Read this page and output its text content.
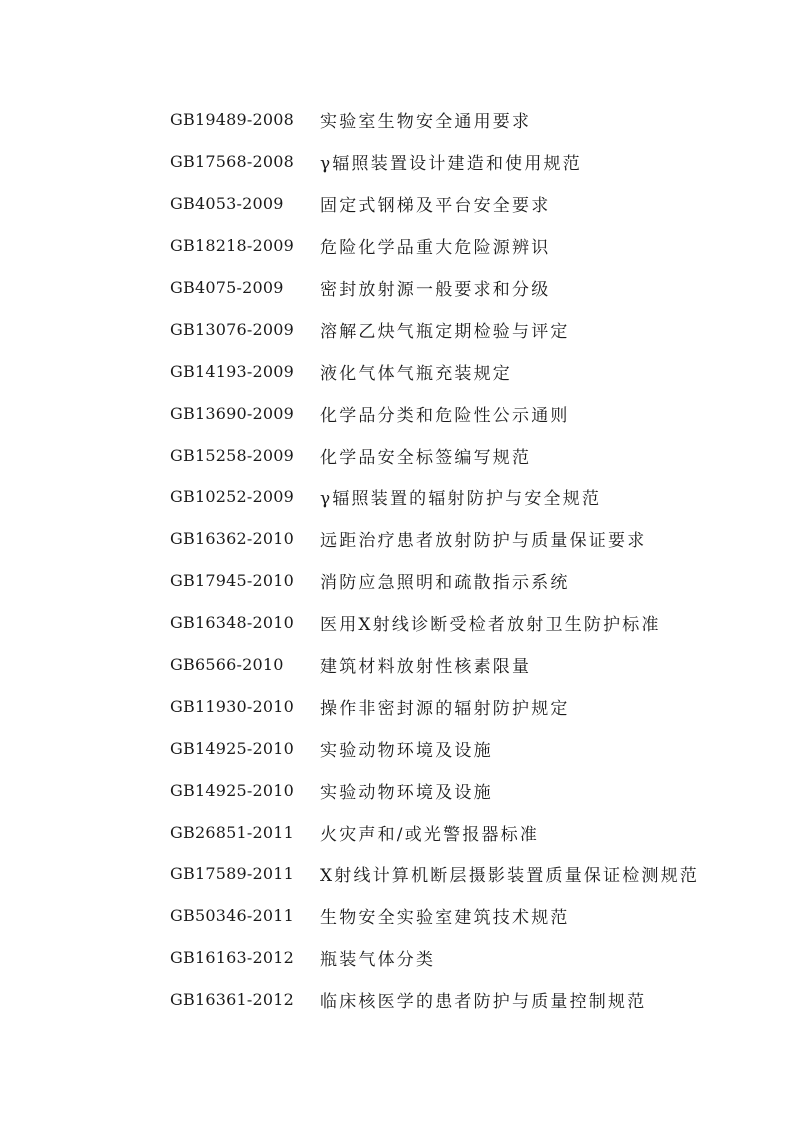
GB19489-2008	实验室生物安全通用要求
GB17568-2008	γ辐照装置设计建造和使用规范
GB4053-2009	固定式钢梯及平台安全要求
GB18218-2009	危险化学品重大危险源辨识
GB4075-2009	密封放射源一般要求和分级
GB13076-2009	溶解乙炔气瓶定期检验与评定
GB14193-2009	液化气体气瓶充装规定
GB13690-2009	化学品分类和危险性公示通则
GB15258-2009	化学品安全标签编写规范
GB10252-2009	γ辐照装置的辐射防护与安全规范
GB16362-2010	远距治疗患者放射防护与质量保证要求
GB17945-2010	消防应急照明和疏散指示系统
GB16348-2010	医用X射线诊断受检者放射卫生防护标准
GB6566-2010	建筑材料放射性核素限量
GB11930-2010	操作非密封源的辐射防护规定
GB14925-2010	实验动物环境及设施
GB14925-2010	实验动物环境及设施
GB26851-2011	火灾声和/或光警报器标准
GB17589-2011	X射线计算机断层摄影装置质量保证检测规范
GB50346-2011	生物安全实验室建筑技术规范
GB16163-2012	瓶装气体分类
GB16361-2012	临床核医学的患者防护与质量控制规范
